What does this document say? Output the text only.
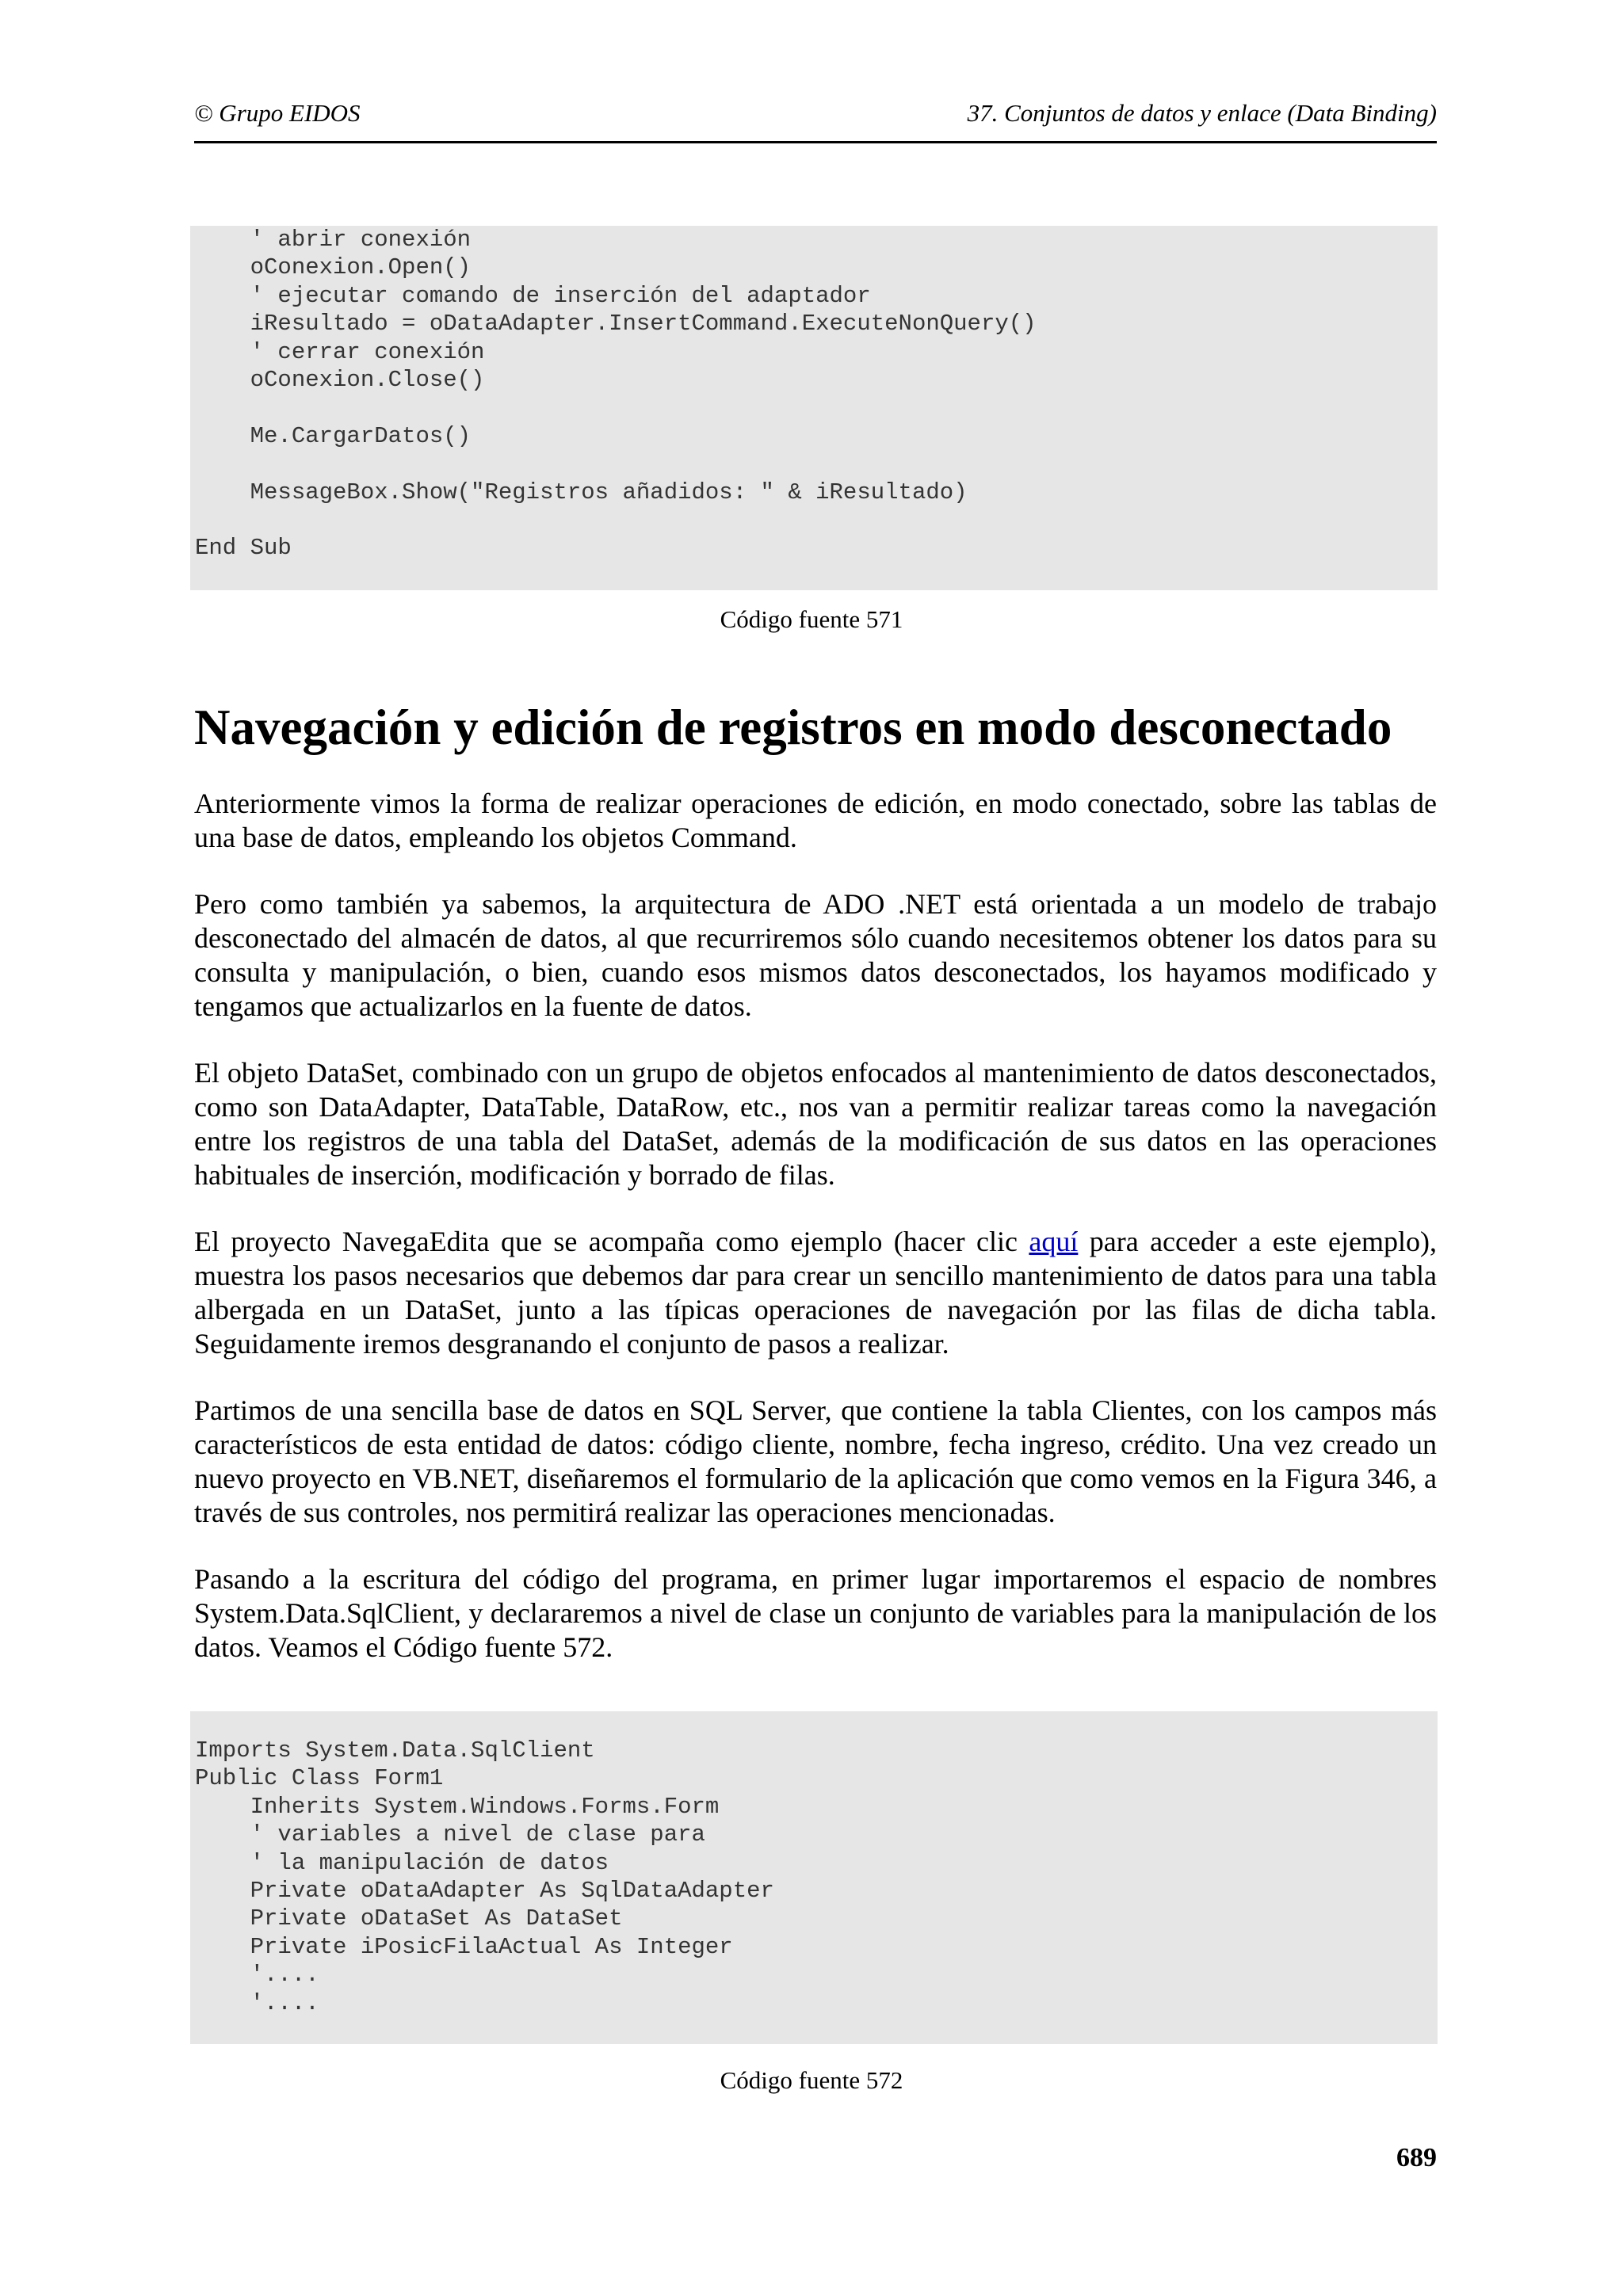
© Grupo EIDOS	37. Conjuntos de datos y enlace (Data Binding)
' abrir conexión
oConexion.Open()
' ejecutar comando de inserción del adaptador
iResultado = oDataAdapter.InsertCommand.ExecuteNonQuery()
' cerrar conexión
oConexion.Close()

Me.CargarDatos()

MessageBox.Show("Registros añadidos: " & iResultado)

End Sub
Código fuente 571
Navegación y edición de registros en modo desconectado

Anteriormente vimos la forma de realizar operaciones de edición, en modo conectado, sobre las tablas de una base de datos, empleando los objetos Command.

Pero como también ya sabemos, la arquitectura de ADO .NET está orientada a un modelo de trabajo desconectado del almacén de datos, al que recurriremos sólo cuando necesitemos obtener los datos para su consulta y manipulación, o bien, cuando esos mismos datos desconectados, los hayamos modificado y tengamos que actualizarlos en la fuente de datos.

El objeto DataSet, combinado con un grupo de objetos enfocados al mantenimiento de datos desconectados, como son DataAdapter, DataTable, DataRow, etc., nos van a permitir realizar tareas como la navegación entre los registros de una tabla del DataSet, además de la modificación de sus datos en las operaciones habituales de inserción, modificación y borrado de filas.

El proyecto NavegaEdita que se acompaña como ejemplo (hacer clic aquí para acceder a este ejemplo), muestra los pasos necesarios que debemos dar para crear un sencillo mantenimiento de datos para una tabla albergada en un DataSet, junto a las típicas operaciones de navegación por las filas de dicha tabla. Seguidamente iremos desgranando el conjunto de pasos a realizar.

Partimos de una sencilla base de datos en SQL Server, que contiene la tabla Clientes, con los campos más característicos de esta entidad de datos: código cliente, nombre, fecha ingreso, crédito. Una vez creado un nuevo proyecto en VB.NET, diseñaremos el formulario de la aplicación que como vemos en la Figura 346, a través de sus controles, nos permitirá realizar las operaciones mencionadas.

Pasando a la escritura del código del programa, en primer lugar importaremos el espacio de nombres System.Data.SqlClient, y declararemos a nivel de clase un conjunto de variables para la manipulación de los datos. Veamos el Código fuente 572.

Imports System.Data.SqlClient
Public Class Form1
Inherits System.Windows.Forms.Form
' variables a nivel de clase para
' la manipulación de datos
Private oDataAdapter As SqlDataAdapter
Private oDataSet As DataSet
Private iPosicFilaActual As Integer
'....
'....
Código fuente 572
689
